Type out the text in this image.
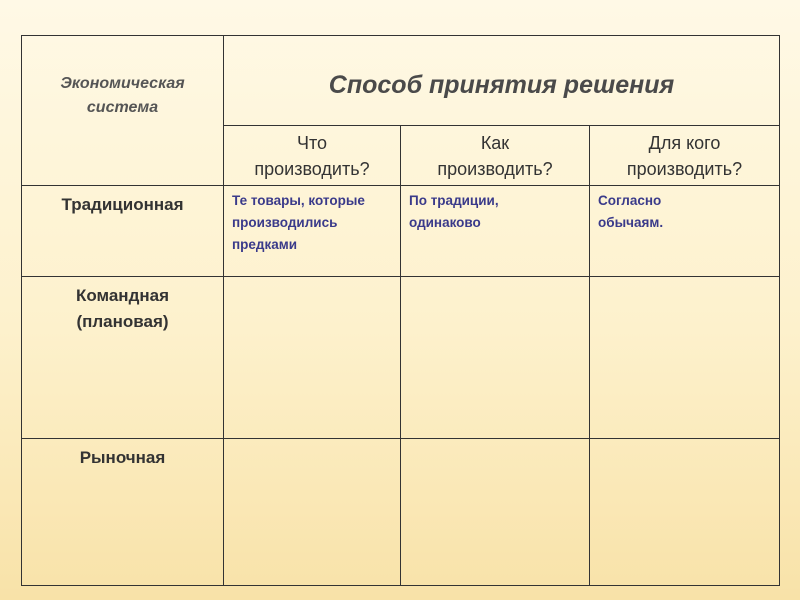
Экономическая система	Способ принятия решения		
	Что производить?	Как производить?	Для кого производить?
Традиционная	Те товары, которые производились предками	По традиции, одинаково	Согласно обычаям.
Командная (плановая)			
Рыночная			
